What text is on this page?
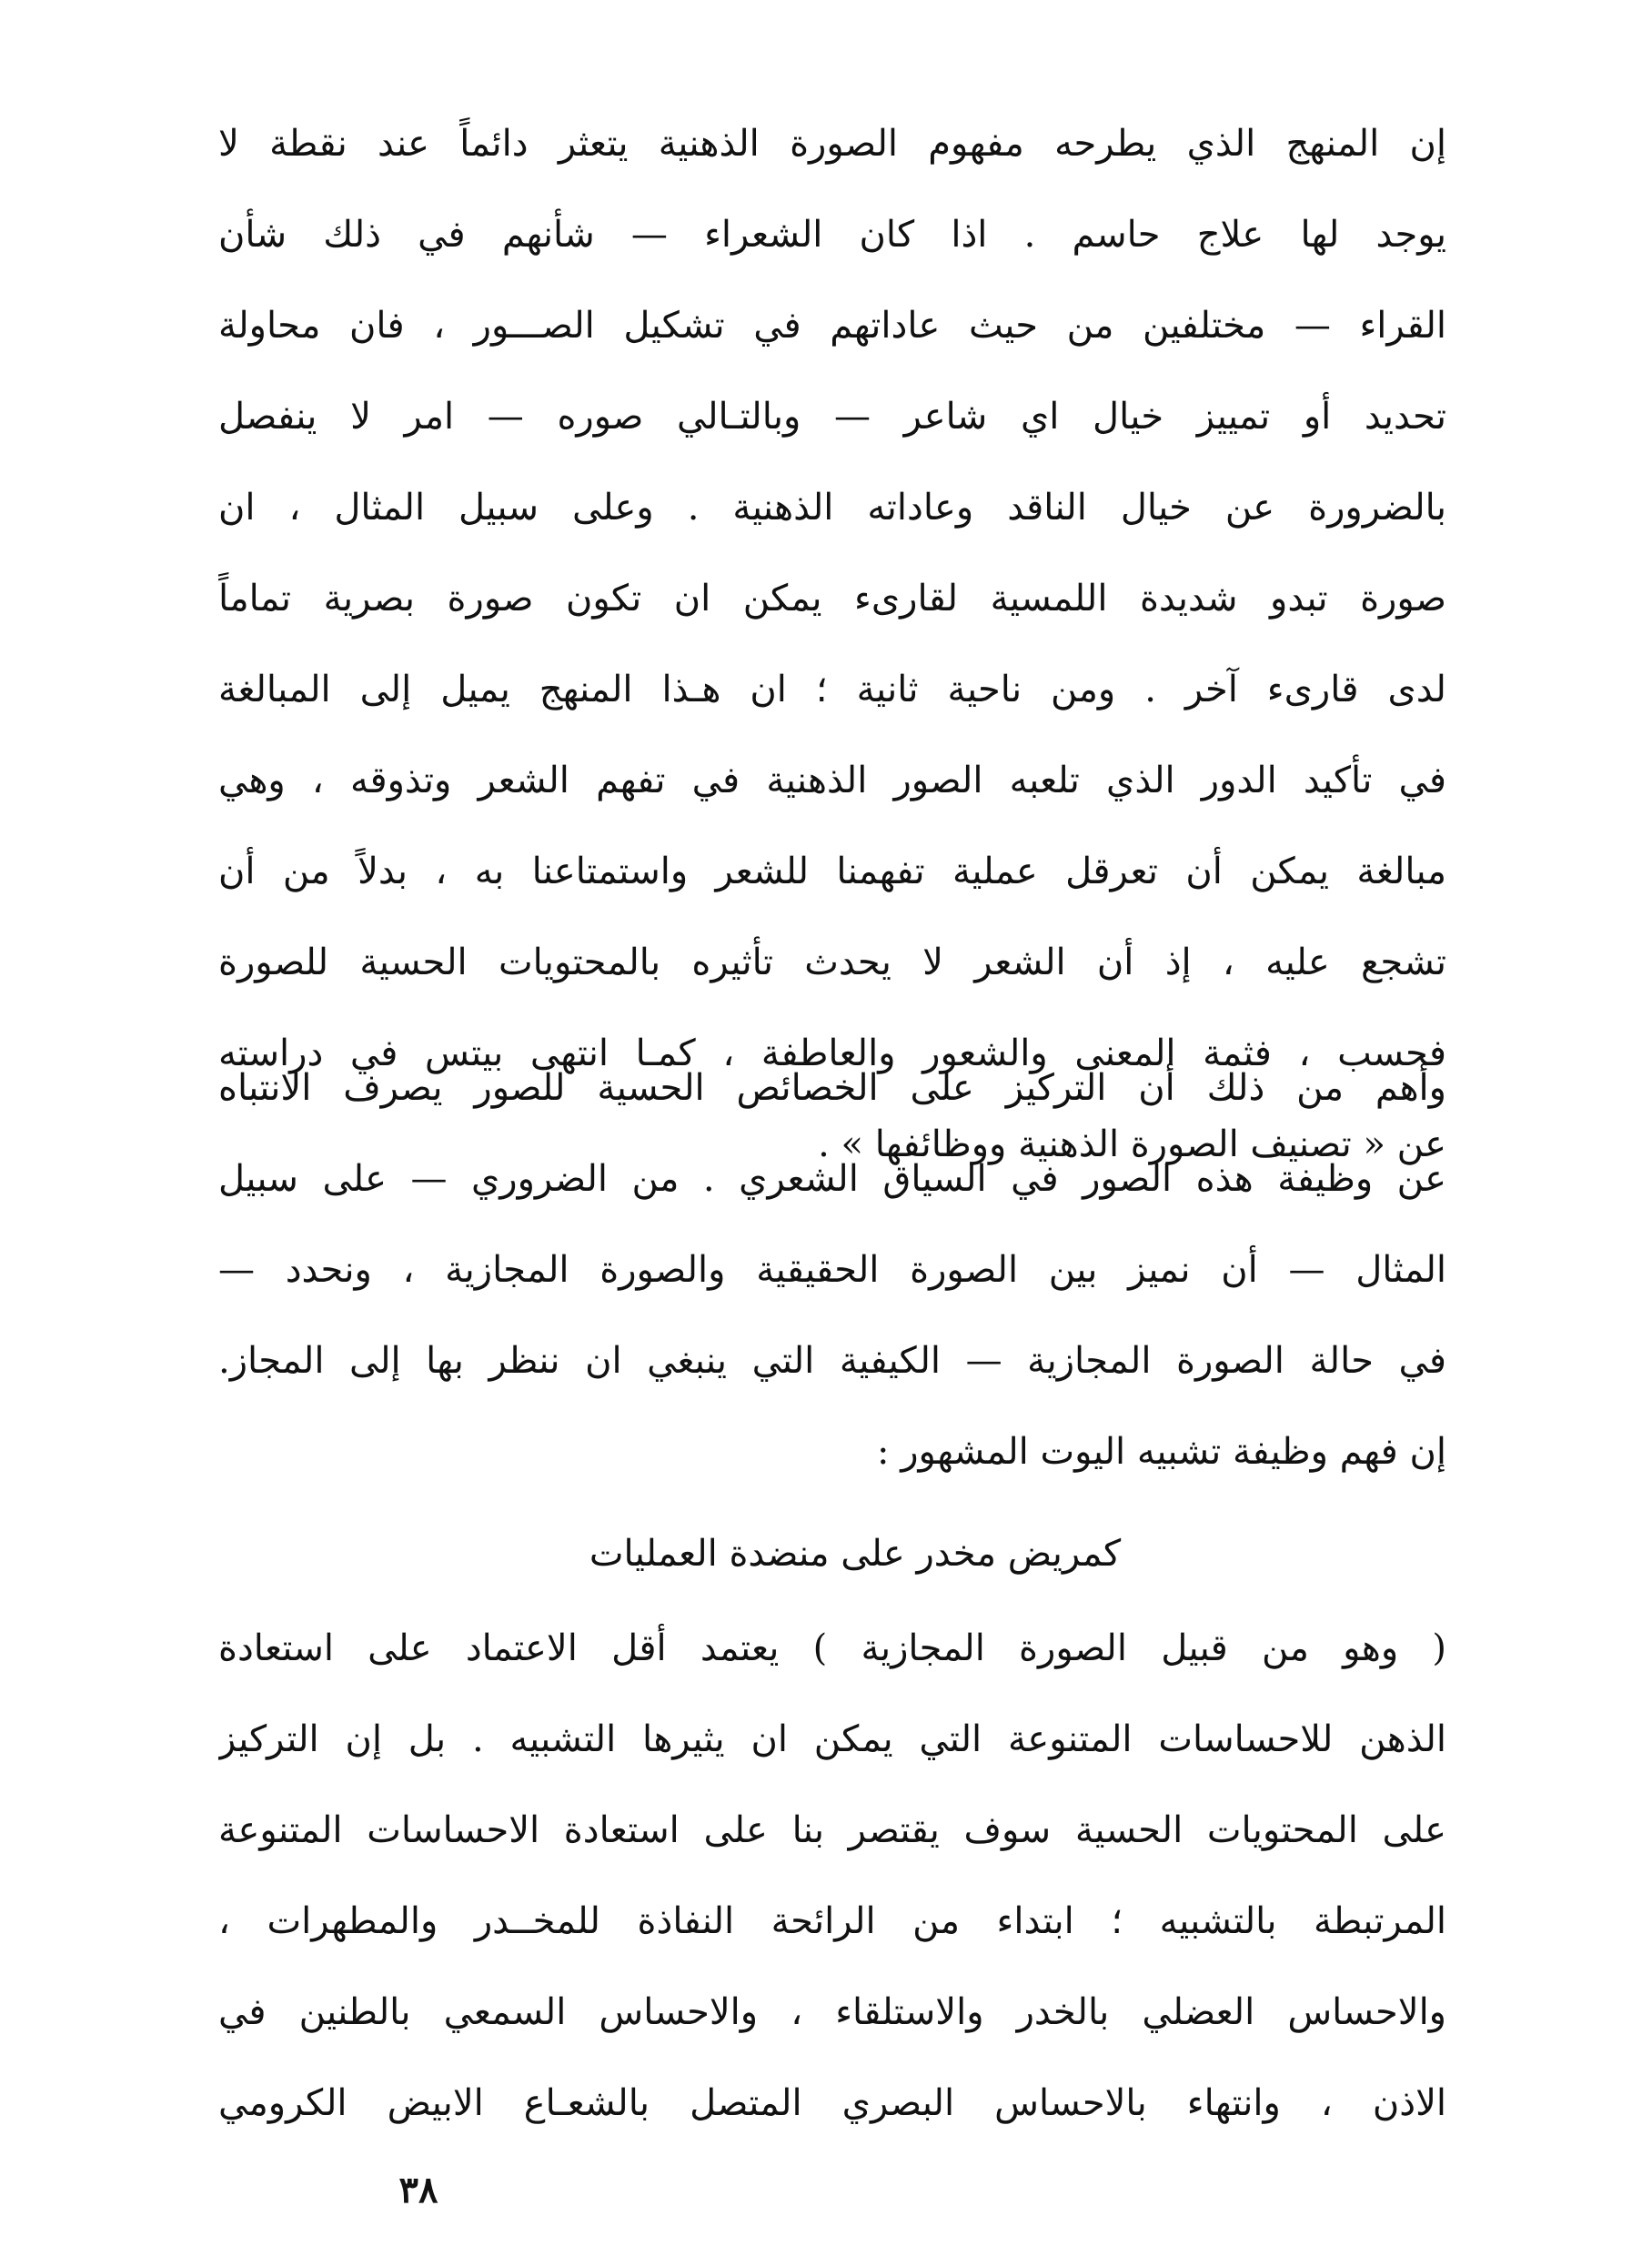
إن المنهج الذي يطرحه مفهوم الصورة الذهنية يتعثر دائماً عند نقطة لا
يوجد لها علاج حاسم . اذا كان الشعراء — شأنهم في ذلك شأن
القراء — مختلفين من حيث عاداتهم في تشكيل الصـــور ، فان محاولة
تحديد أو تمييز خيال اي شاعر — وبالتـالي صوره — امر لا ينفصل
بالضرورة عن خيال الناقد وعاداته الذهنية . وعلى سبيل المثال ، ان
صورة تبدو شديدة اللمسية لقارىء يمكن ان تكون صورة بصرية تماماً
لدى قارىء آخر . ومن ناحية ثانية ؛ ان هـذا المنهج يميل إلى المبالغة
في تأكيد الدور الذي تلعبه الصور الذهنية في تفهم الشعر وتذوقه ، وهي
مبالغة يمكن أن تعرقل عملية تفهمنا للشعر واستمتاعنا به ، بدلاً من أن
تشجع عليه ، إذ أن الشعر لا يحدث تأثيره بالمحتويات الحسية للصورة
فحسب ، فثمة المعنى والشعور والعاطفة ، كمـا انتهى بيتس في دراسته
عن « تصنيف الصورة الذهنية ووظائفها » .
وأهم من ذلك أن التركيز على الخصائص الحسية للصور يصرف الانتباه
عن وظيفة هذه الصور في السياق الشعري . من الضروري — على سبيل
المثال — أن نميز بين الصورة الحقيقية والصورة المجازية ، ونحدد —
في حالة الصورة المجازية — الكيفية التي ينبغي ان ننظر بها إلى المجاز.
إن فهم وظيفة تشبيه اليوت المشهور :
كمريض مخدر على منضدة العمليات
( وهو من قبيل الصورة المجازية ) يعتمد أقل الاعتماد على استعادة
الذهن للاحساسات المتنوعة التي يمكن ان يثيرها التشبيه . بل إن التركيز
على المحتويات الحسية سوف يقتصر بنا على استعادة الاحساسات المتنوعة
المرتبطة بالتشبيه ؛ ابتداء من الرائحة النفاذة للمخــدر والمطهرات ،
والاحساس العضلي بالخدر والاستلقاء ، والاحساس السمعي بالطنين في
الاذن ، وانتهاء بالاحساس البصري المتصل بالشعـاع الابيض الكرومي
٣٨
